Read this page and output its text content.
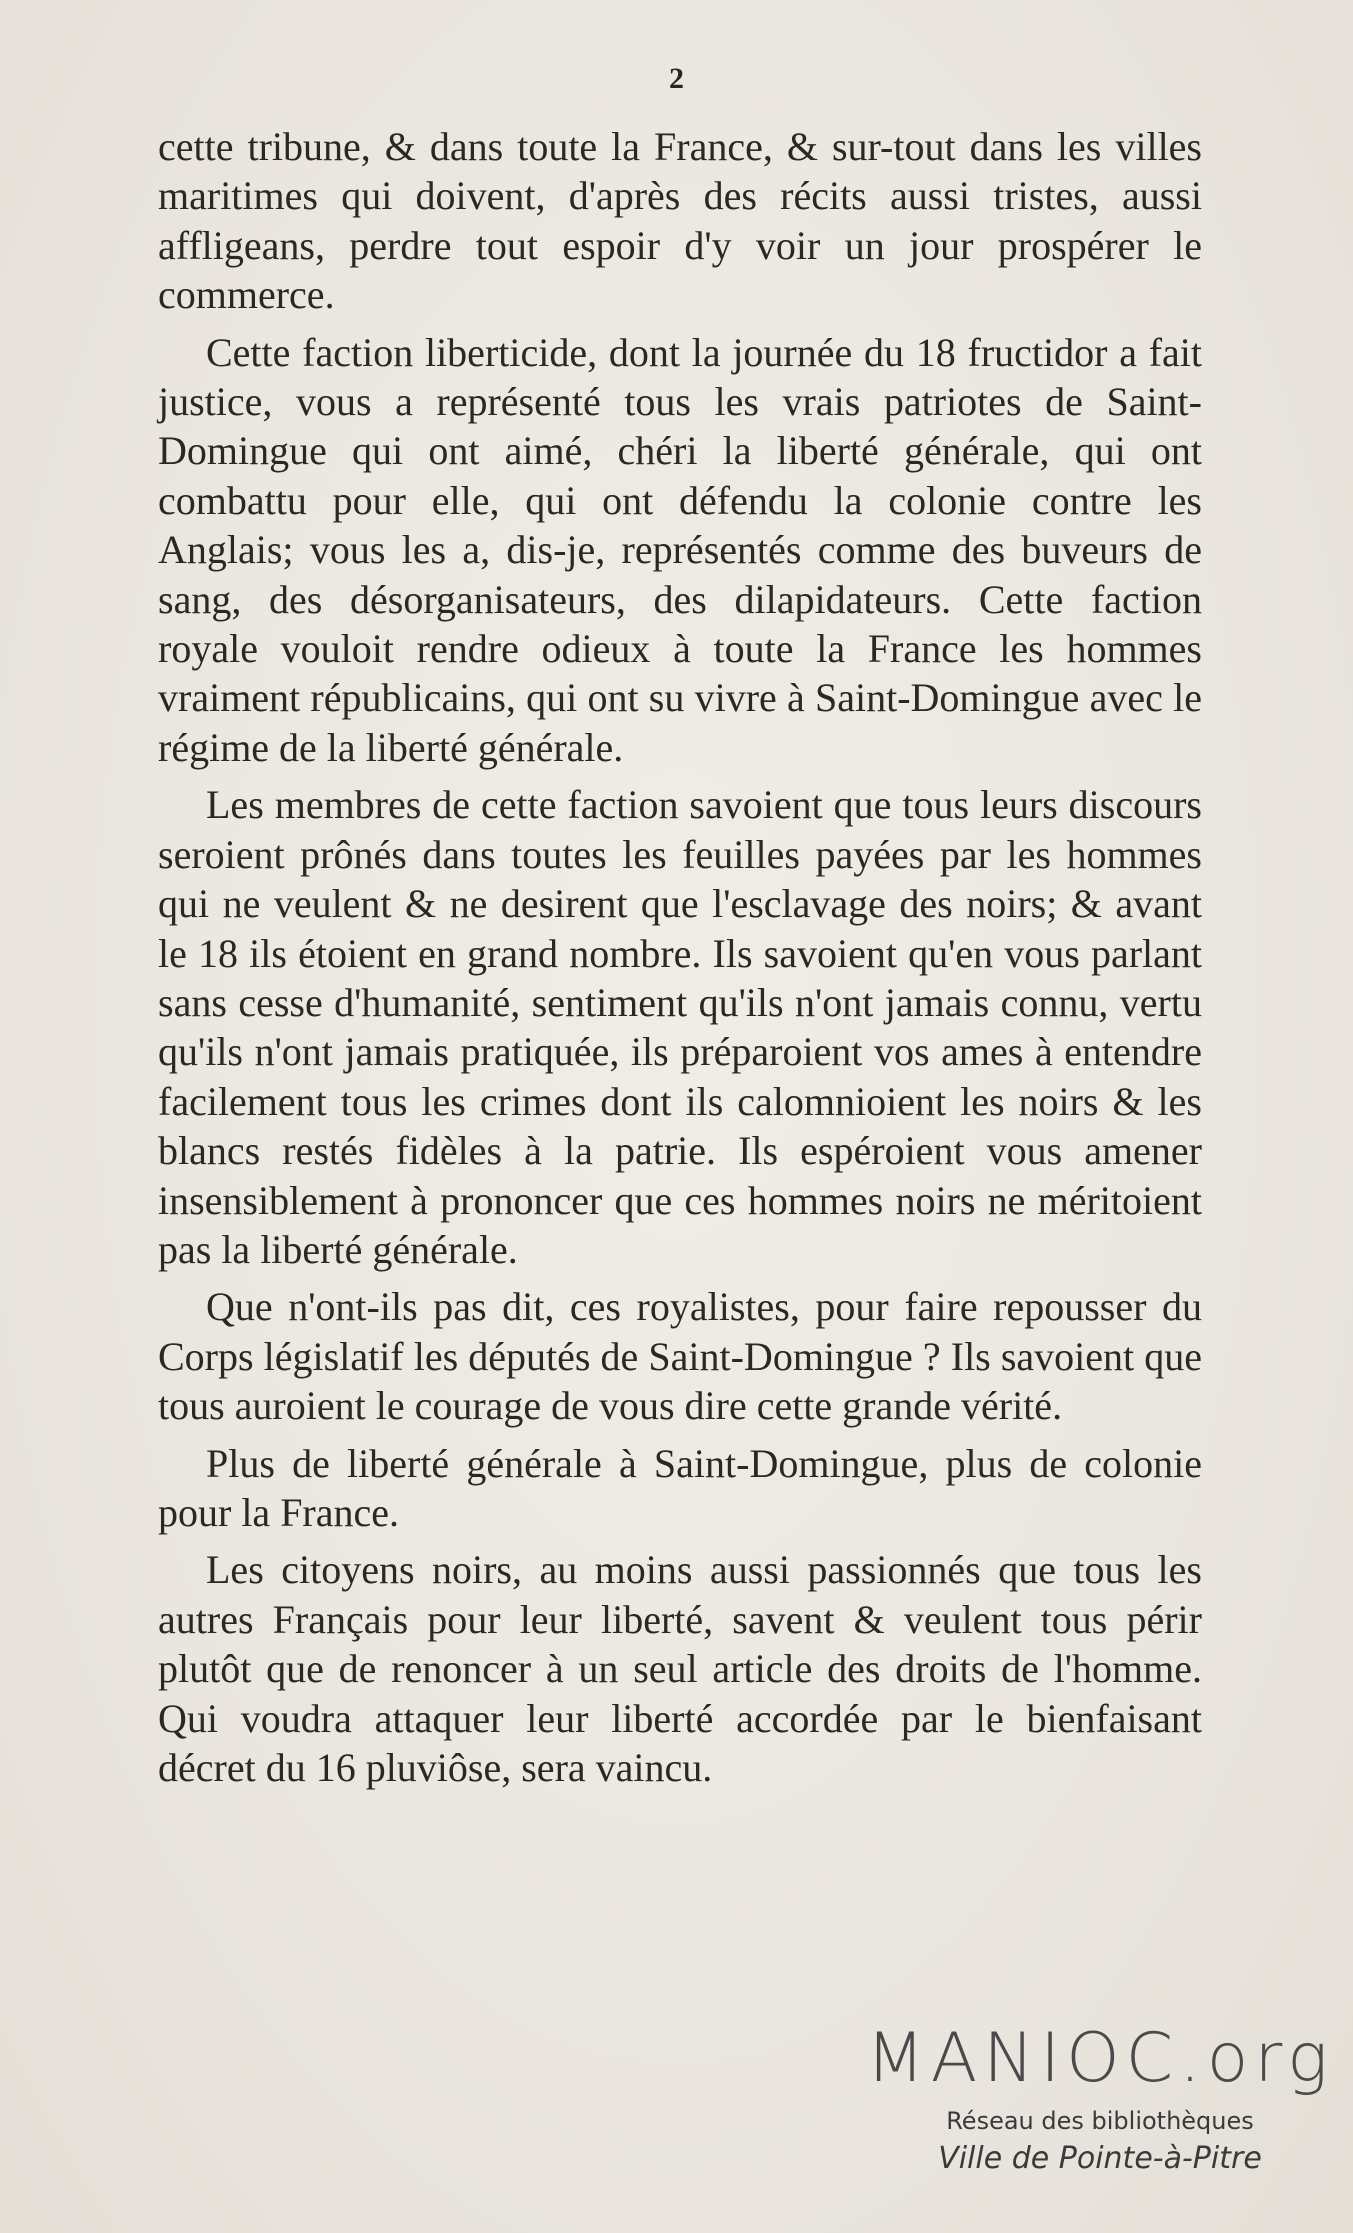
2

cette tribune, & dans toute la France, & sur-tout dans les villes maritimes qui doivent, d'après des récits aussi tristes, aussi affligeans, perdre tout espoir d'y voir un jour prospérer le commerce.

Cette faction liberticide, dont la journée du 18 fructidor a fait justice, vous a représenté tous les vrais patriotes de Saint-Domingue qui ont aimé, chéri la liberté générale, qui ont combattu pour elle, qui ont défendu la colonie contre les Anglais; vous les a, dis-je, représentés comme des buveurs de sang, des désorganisateurs, des dilapidateurs. Cette faction royale vouloit rendre odieux à toute la France les hommes vraiment républicains, qui ont su vivre à Saint-Domingue avec le régime de la liberté générale.

Les membres de cette faction savoient que tous leurs discours seroient prônés dans toutes les feuilles payées par les hommes qui ne veulent & ne desirent que l'esclavage des noirs; & avant le 18 ils étoient en grand nombre. Ils savoient qu'en vous parlant sans cesse d'humanité, sentiment qu'ils n'ont jamais connu, vertu qu'ils n'ont jamais pratiquée, ils préparoient vos ames à entendre facilement tous les crimes dont ils calomnioient les noirs & les blancs restés fidèles à la patrie. Ils espéroient vous amener insensiblement à prononcer que ces hommes noirs ne méritoient pas la liberté générale.

Que n'ont-ils pas dit, ces royalistes, pour faire repousser du Corps législatif les députés de Saint-Domingue ? Ils savoient que tous auroient le courage de vous dire cette grande vérité.

Plus de liberté générale à Saint-Domingue, plus de colonie pour la France.

Les citoyens noirs, au moins aussi passionnés que tous les autres Français pour leur liberté, savent & veulent tous périr plutôt que de renoncer à un seul article des droits de l'homme. Qui voudra attaquer leur liberté accordée par le bienfaisant décret du 16 pluviôse, sera vaincu.

MANIOC.org
Réseau des bibliothèques
Ville de Pointe-à-Pitre
